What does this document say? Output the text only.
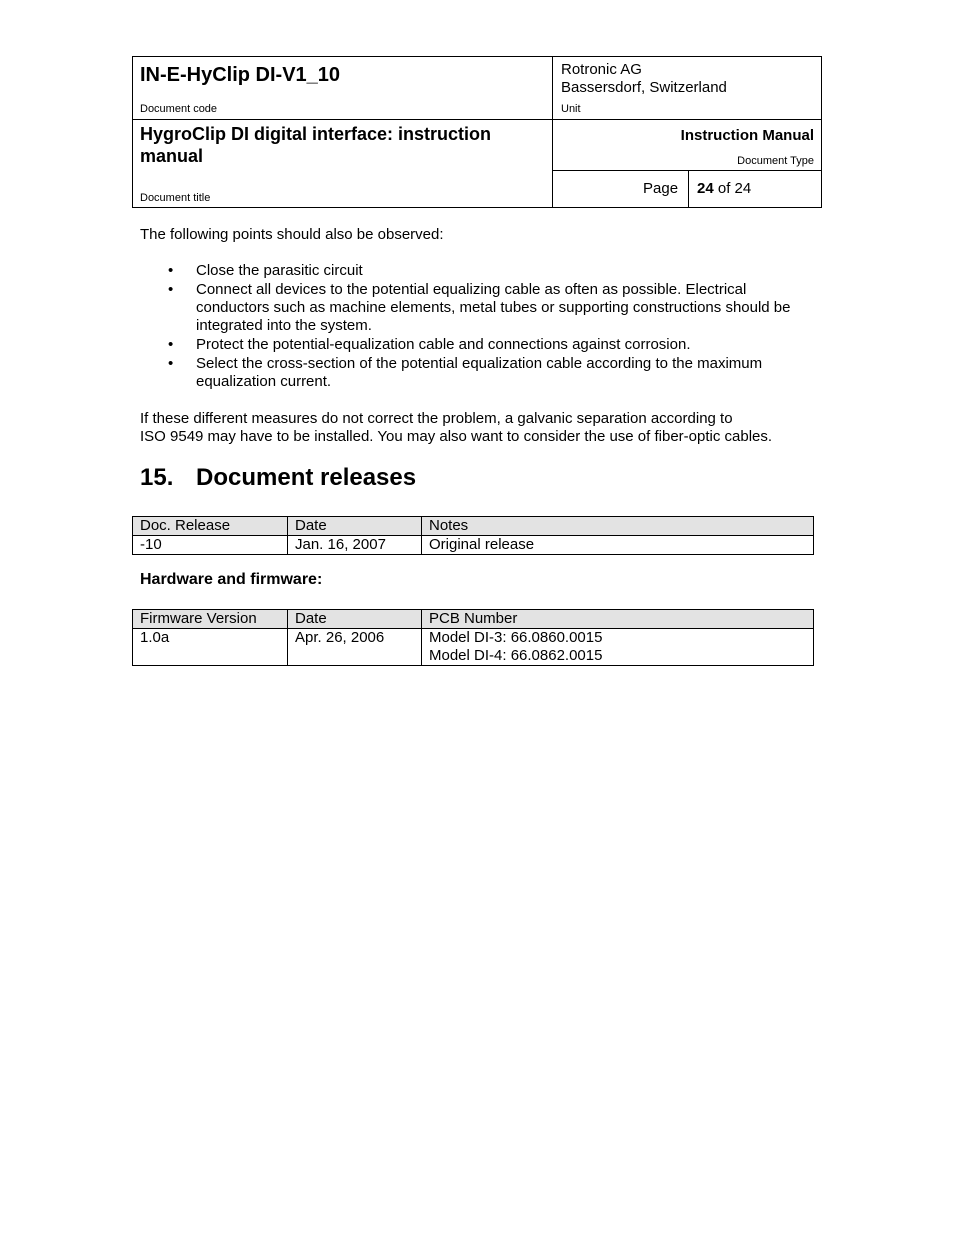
IN-E-HyClip DI-V1_10
Document code
Rotronic AG
Bassersdorf, Switzerland
Unit
HygroClip DI digital interface: instruction manual
Document title
Instruction Manual
Document Type
Page 24 of 24
The following points should also be observed:
• Close the parasitic circuit
• Connect all devices to the potential equalizing cable as often as possible. Electrical conductors such as machine elements, metal tubes or supporting constructions should be integrated into the system.
• Protect the potential-equalization cable and connections against corrosion.
• Select the cross-section of the potential equalization cable according to the maximum equalization current.
If these different measures do not correct the problem, a galvanic separation according to
ISO 9549 may have to be installed. You may also want to consider the use of fiber-optic cables.
15. Document releases
Doc. Release	Date	Notes
-10	Jan. 16, 2007	Original release
Hardware and firmware:
Firmware Version	Date	PCB Number
1.0a	Apr. 26, 2006	Model DI-3: 66.0860.0015
Model DI-4: 66.0862.0015
